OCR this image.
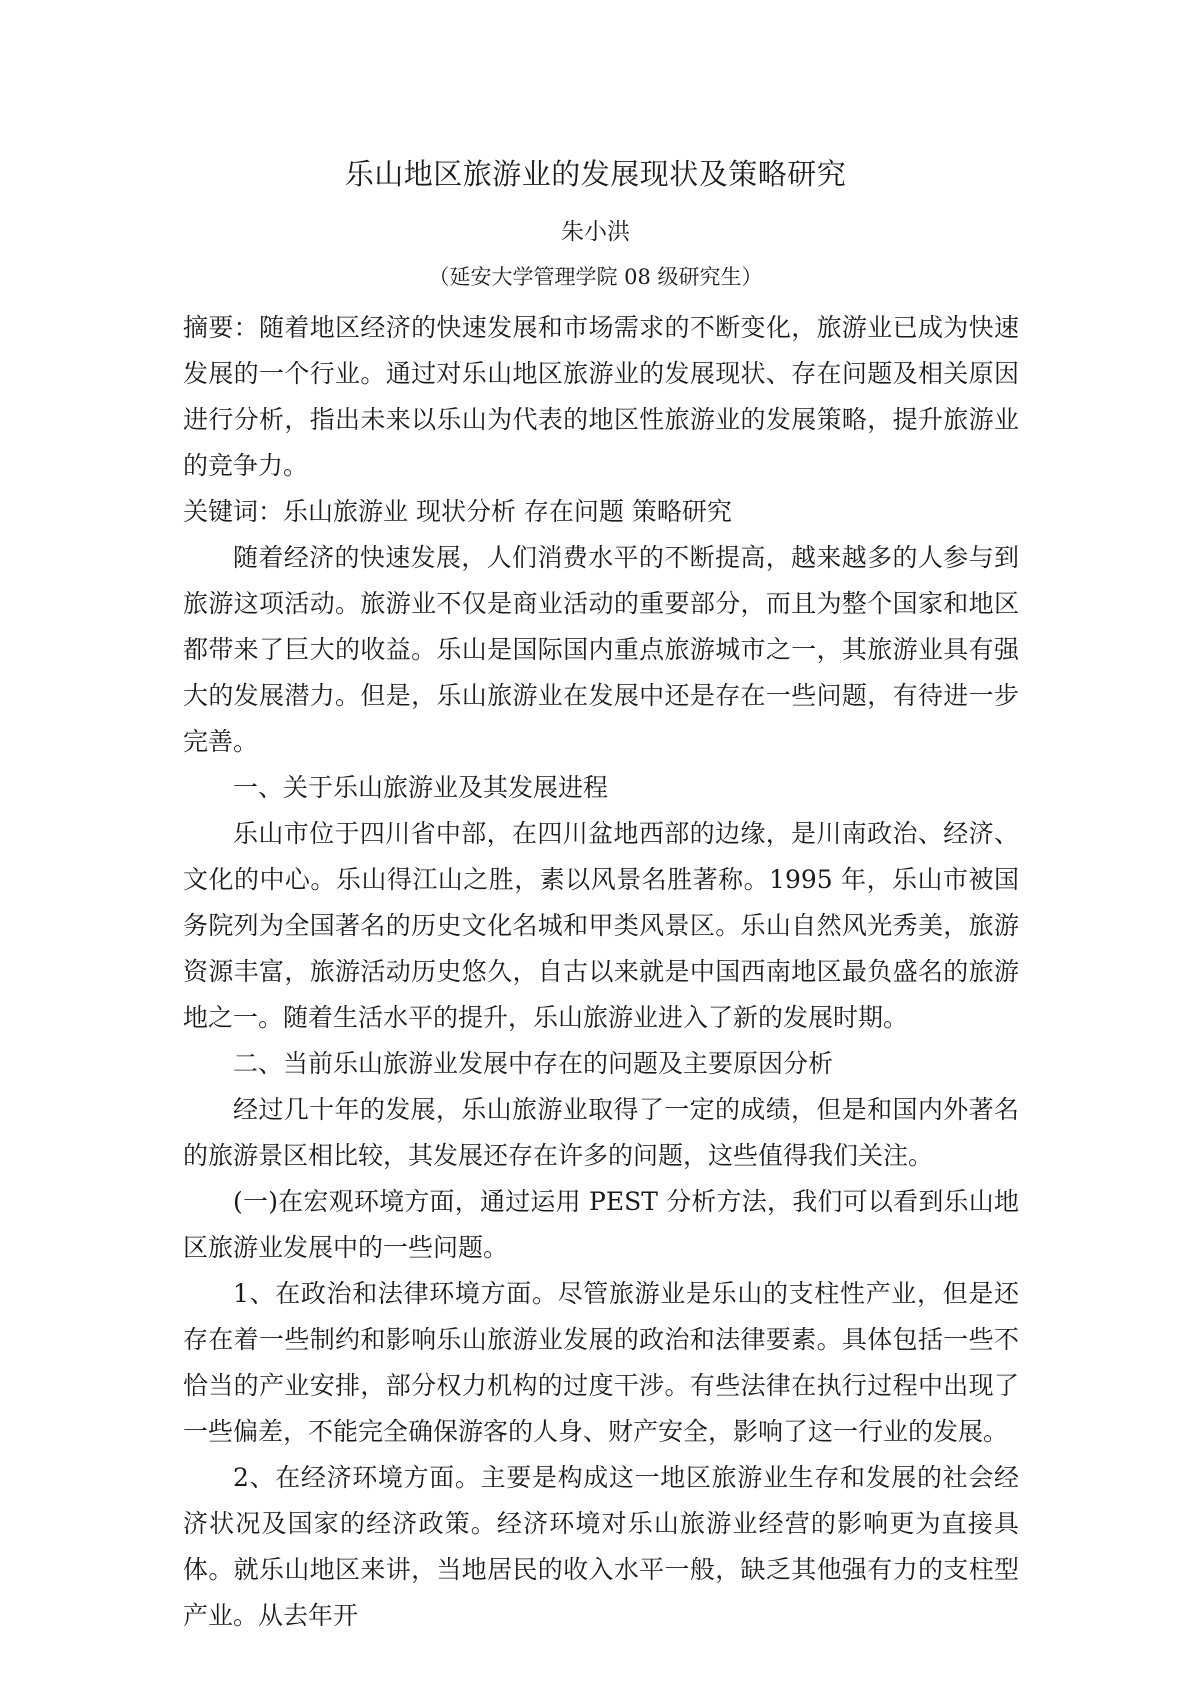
乐山地区旅游业的发展现状及策略研究
朱小洪
（延安大学管理学院 08 级研究生）

摘要：随着地区经济的快速发展和市场需求的不断变化，旅游业已成为快速发展的一个行业。通过对乐山地区旅游业的发展现状、存在问题及相关原因进行分析，指出未来以乐山为代表的地区性旅游业的发展策略，提升旅游业的竞争力。

关键词：乐山旅游业 现状分析 存在问题 策略研究

随着经济的快速发展，人们消费水平的不断提高，越来越多的人参与到旅游这项活动。旅游业不仅是商业活动的重要部分，而且为整个国家和地区都带来了巨大的收益。乐山是国际国内重点旅游城市之一，其旅游业具有强大的发展潜力。但是，乐山旅游业在发展中还是存在一些问题，有待进一步完善。

一、关于乐山旅游业及其发展进程

乐山市位于四川省中部，在四川盆地西部的边缘，是川南政治、经济、文化的中心。乐山得江山之胜，素以风景名胜著称。1995 年，乐山市被国务院列为全国著名的历史文化名城和甲类风景区。乐山自然风光秀美，旅游资源丰富，旅游活动历史悠久，自古以来就是中国西南地区最负盛名的旅游地之一。随着生活水平的提升，乐山旅游业进入了新的发展时期。

二、当前乐山旅游业发展中存在的问题及主要原因分析

经过几十年的发展，乐山旅游业取得了一定的成绩，但是和国内外著名的旅游景区相比较，其发展还存在许多的问题，这些值得我们关注。

(一)在宏观环境方面，通过运用 PEST 分析方法，我们可以看到乐山地区旅游业发展中的一些问题。

1、在政治和法律环境方面。尽管旅游业是乐山的支柱性产业，但是还存在着一些制约和影响乐山旅游业发展的政治和法律要素。具体包括一些不恰当的产业安排，部分权力机构的过度干涉。有些法律在执行过程中出现了一些偏差，不能完全确保游客的人身、财产安全，影响了这一行业的发展。

2、在经济环境方面。主要是构成这一地区旅游业生存和发展的社会经济状况及国家的经济政策。经济环境对乐山旅游业经营的影响更为直接具体。就乐山地区来讲，当地居民的收入水平一般，缺乏其他强有力的支柱型产业。从去年开
